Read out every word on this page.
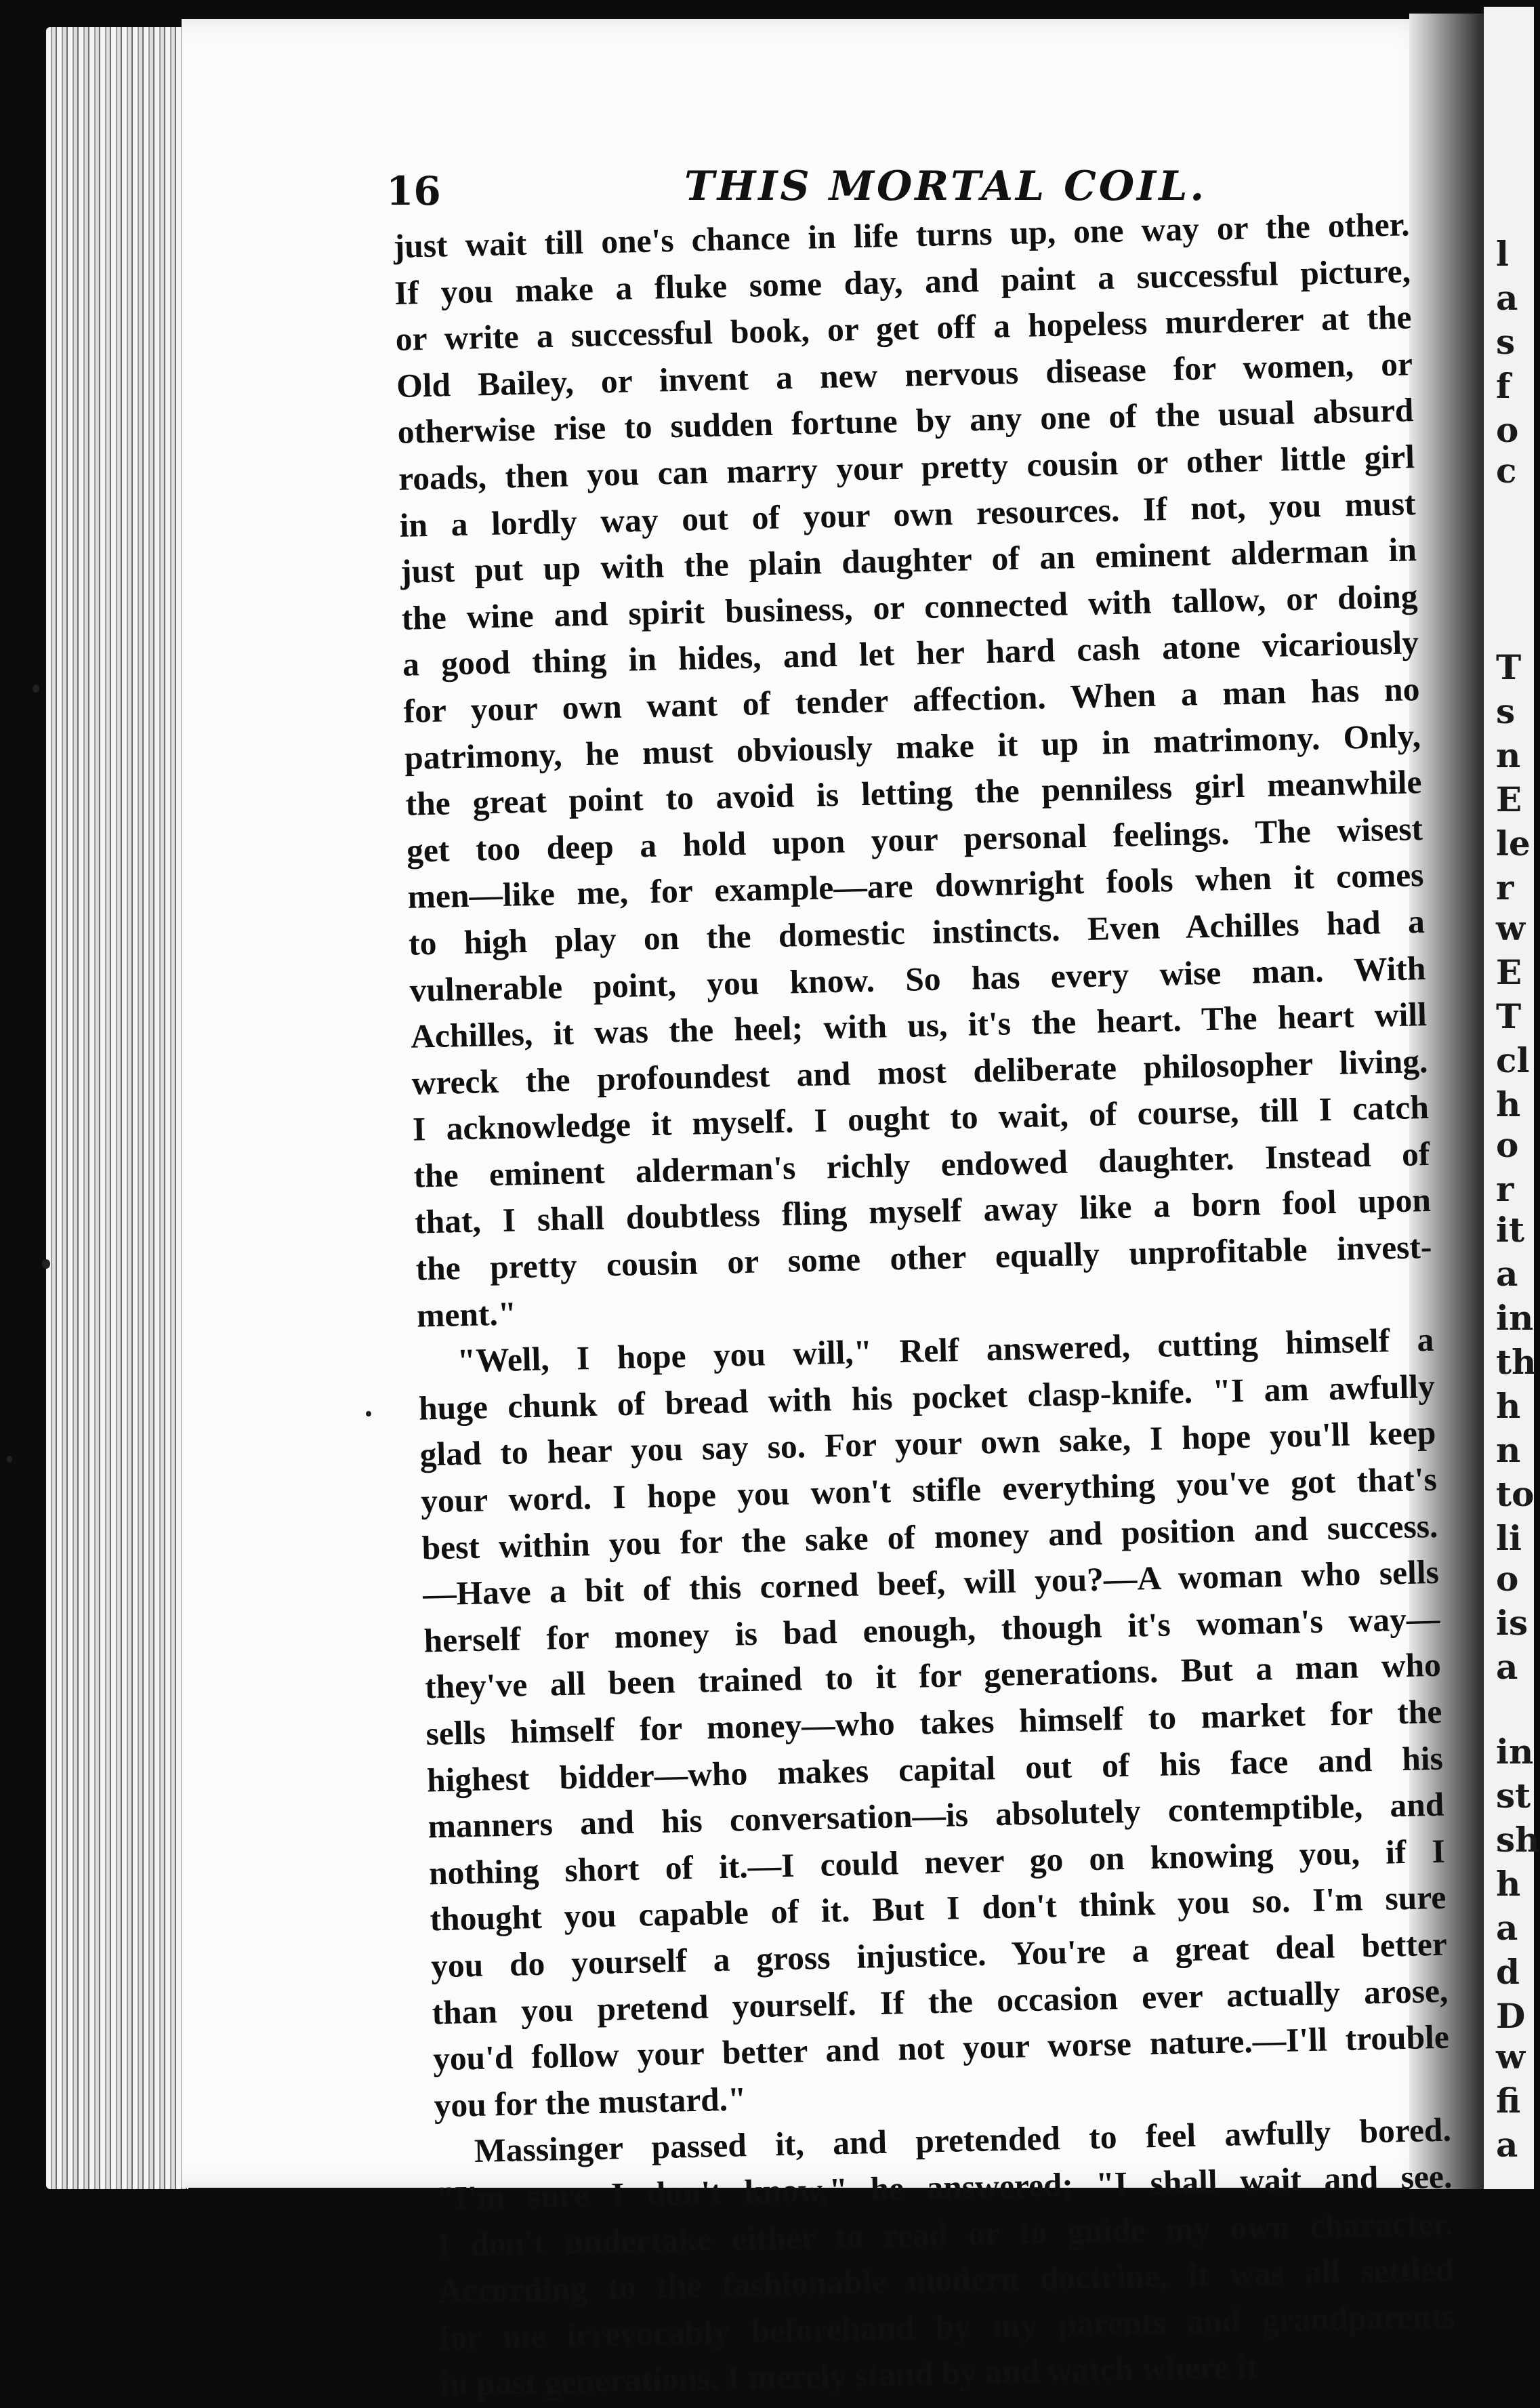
l
a
s
f
o
c
T
s
n
E
le
r
w
E
T
cl
h
o
r
it
a
in
th
h
n
to
li
o
is
a
in
st
sh
h
a
d
D
w
fi
a
16	THIS MORTAL COIL.
just wait till one's chance in life turns up, one way or the other.
If you make a fluke some day, and paint a successful picture,
or write a successful book, or get off a hopeless murderer at the
Old Bailey, or invent a new nervous disease for women, or
otherwise rise to sudden fortune by any one of the usual absurd
roads, then you can marry your pretty cousin or other little girl
in a lordly way out of your own resources. If not, you must
just put up with the plain daughter of an eminent alderman in
the wine and spirit business, or connected with tallow, or doing
a good thing in hides, and let her hard cash atone vicariously
for your own want of tender affection. When a man has no
patrimony, he must obviously make it up in matrimony. Only,
the great point to avoid is letting the penniless girl meanwhile
get too deep a hold upon your personal feelings. The wisest
men—like me, for example—are downright fools when it comes
to high play on the domestic instincts. Even Achilles had a
vulnerable point, you know. So has every wise man. With
Achilles, it was the heel; with us, it's the heart. The heart will
wreck the profoundest and most deliberate philosopher living.
I acknowledge it myself. I ought to wait, of course, till I catch
the eminent alderman's richly endowed daughter. Instead of
that, I shall doubtless fling myself away like a born fool upon
the pretty cousin or some other equally unprofitable invest-
ment."
"Well, I hope you will," Relf answered, cutting himself a
huge chunk of bread with his pocket clasp-knife. "I am awfully
glad to hear you say so. For your own sake, I hope you'll keep
your word. I hope you won't stifle everything you've got that's
best within you for the sake of money and position and success.
—Have a bit of this corned beef, will you?—A woman who sells
herself for money is bad enough, though it's woman's way—
they've all been trained to it for generations. But a man who
sells himself for money—who takes himself to market for the
highest bidder—who makes capital out of his face and his
manners and his conversation—is absolutely contemptible, and
nothing short of it.—I could never go on knowing you, if I
thought you capable of it. But I don't think you so. I'm sure
you do yourself a gross injustice. You're a great deal better
than you pretend yourself. If the occasion ever actually arose,
you'd follow your better and not your worse nature.—I'll trouble
you for the mustard."
Massinger passed it, and pretended to feel awfully bored.
"I'm sure I don't know," he answered; "I shall wait and see.
I don't undertake either to read or to guide my own character.
According to the fashionable modern doctrine, it was all settled
for me irrevocably beforehand by my parents and grandparents
in past generations. I merely stand by and watch where it
